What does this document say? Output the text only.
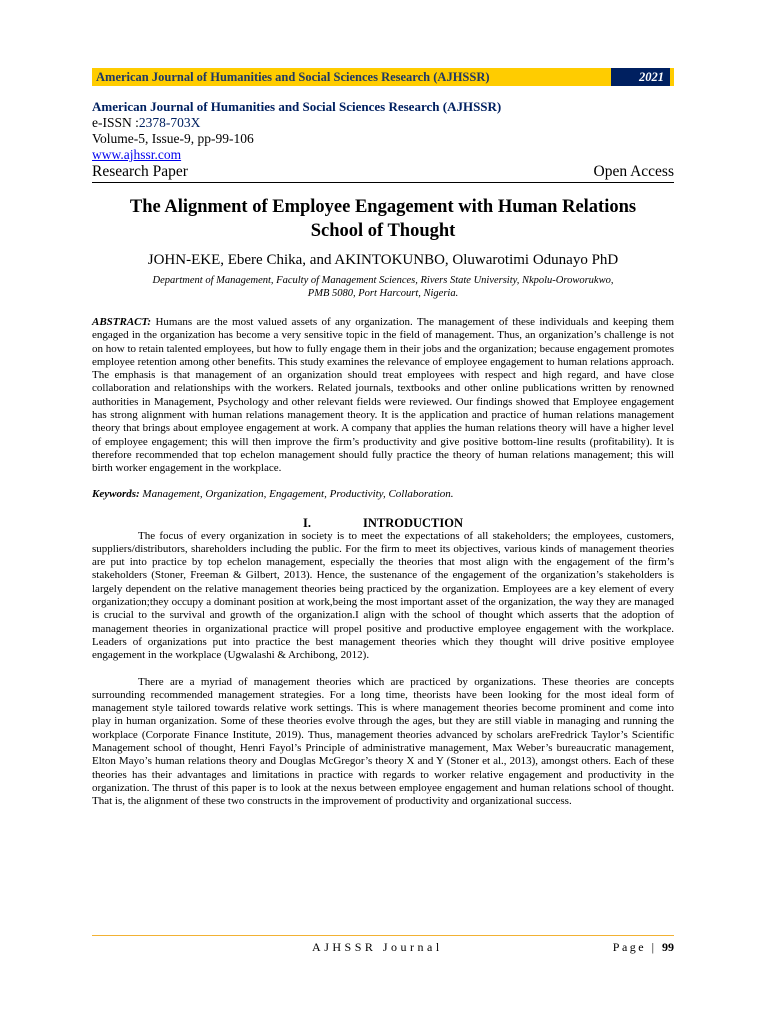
American Journal of Humanities and Social Sciences Research (AJHSSR)	2021
American Journal of Humanities and Social Sciences Research (AJHSSR)
e-ISSN :2378-703X
Volume-5, Issue-9, pp-99-106
www.ajhssr.com
Research Paper	Open Access
The Alignment of Employee Engagement with Human Relations School of Thought
JOHN-EKE, Ebere Chika, and AKINTOKUNBO, Oluwarotimi Odunayo PhD
Department of Management, Faculty of Management Sciences, Rivers State University, Nkpolu-Oroworukwo,
PMB 5080, Port Harcourt, Nigeria.
ABSTRACT: Humans are the most valued assets of any organization. The management of these individuals and keeping them engaged in the organization has become a very sensitive topic in the field of management. Thus, an organization’s challenge is not on how to retain talented employees, but how to fully engage them in their jobs and the organization; because engagement promotes employee retention among other benefits. This study examines the relevance of employee engagement to human relations approach. The emphasis is that management of an organization should treat employees with respect and high regard, and have close collaboration and relationships with the workers. Related journals, textbooks and other online publications written by renowned authorities in Management, Psychology and other relevant fields were reviewed. Our findings showed that Employee engagement has strong alignment with human relations management theory. It is the application and practice of human relations management theory that brings about employee engagement at work. A company that applies the human relations theory will have a higher level of employee engagement; this will then improve the firm’s productivity and give positive bottom-line results (profitability). It is therefore recommended that top echelon management should fully practice the theory of human relations management; this will birth worker engagement in the workplace.
Keywords: Management, Organization, Engagement, Productivity, Collaboration.
I.	INTRODUCTION

The focus of every organization in society is to meet the expectations of all stakeholders; the employees, customers, suppliers/distributors, shareholders including the public. For the firm to meet its objectives, various kinds of management theories are put into practice by top echelon management, especially the theories that most align with the engagement of the firm’s stakeholders (Stoner, Freeman & Gilbert, 2013). Hence, the sustenance of the engagement of the organization’s stakeholders is largely dependent on the relative management theories being practiced by the organization. Employees are a key element of every organization;they occupy a dominant position at work,being the most important asset of the organization, the way they are managed is crucial to the survival and growth of the organization.I align with the school of thought which asserts that the adoption of management theories in organizational practice will propel positive and productive employee engagement with the workplace. Leaders of organizations put into practice the best management theories which they thought will drive positive employee engagement in the workplace (Ugwalashi & Archibong, 2012).

There are a myriad of management theories which are practiced by organizations. These theories are concepts surrounding recommended management strategies. For a long time, theorists have been looking for the most ideal form of management style tailored towards relative work settings. This is where management theories become prominent and come into play in human organization. Some of these theories evolve through the ages, but they are still viable in managing and running the workplace (Corporate Finance Institute, 2019). Thus, management theories advanced by scholars areFredrick Taylor’s Scientific Management school of thought, Henri Fayol’s Principle of administrative management, Max Weber’s bureaucratic management, Elton Mayo’s human relations theory and Douglas McGregor’s theory X and Y (Stoner et al., 2013), amongst others. Each of these theories has their advantages and limitations in practice with regards to worker relative engagement and productivity in the organization. The thrust of this paper is to look at the nexus between employee engagement and human relations school of thought. That is, the alignment of these two constructs in the improvement of productivity and organizational success.

AJHSSR Journal	Page | 99
